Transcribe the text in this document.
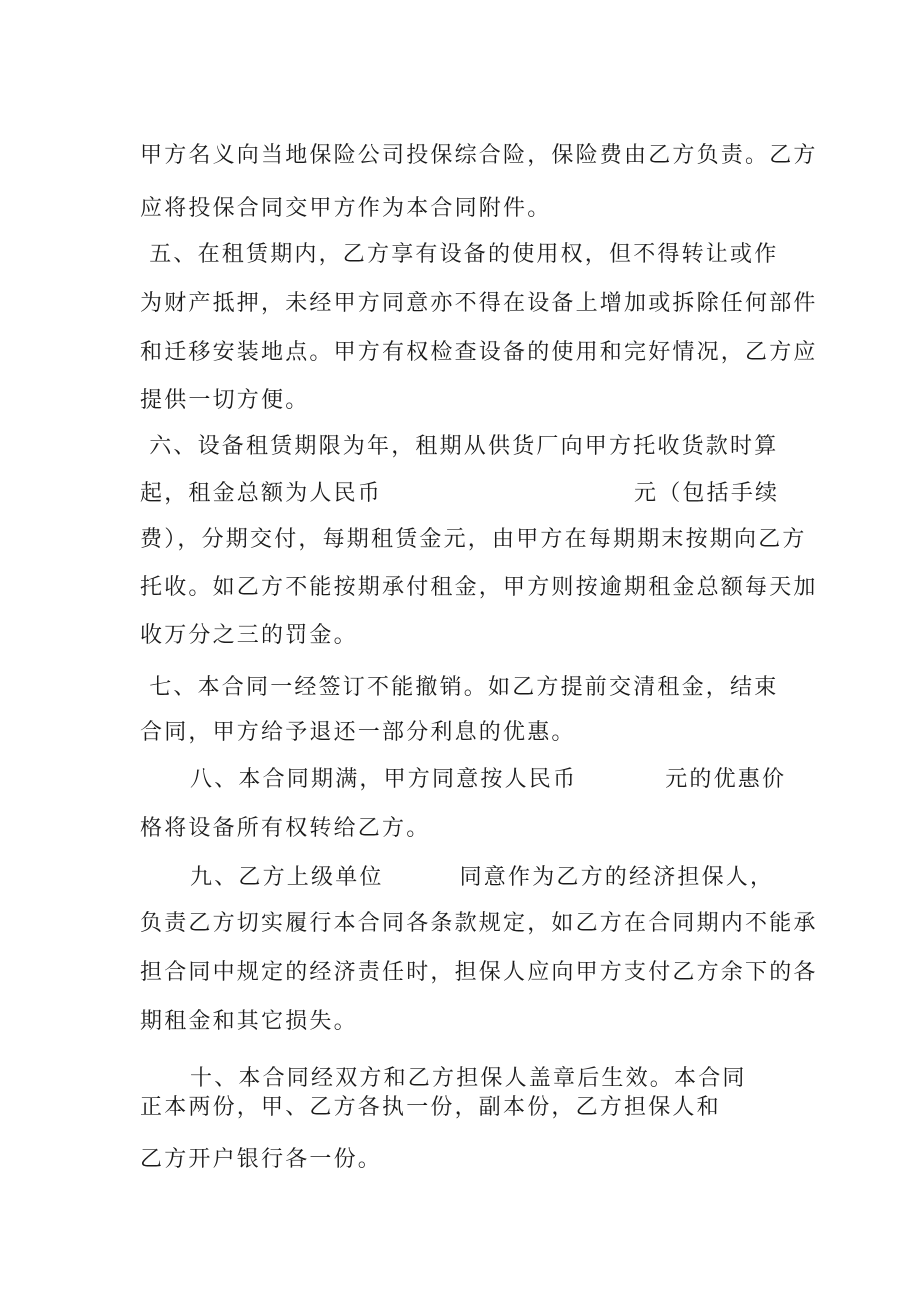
甲方名义向当地保险公司投保综合险，保险费由乙方负责。乙方

应将投保合同交甲方作为本合同附件。

五、在租赁期内，乙方享有设备的使用权，但不得转让或作

为财产抵押，未经甲方同意亦不得在设备上增加或拆除任何部件

和迁移安装地点。甲方有权检查设备的使用和完好情况，乙方应

提供一切方便。

六、设备租赁期限为年，租期从供货厂向甲方托收货款时算

起，租金总额为人民币	元（包括手续

费），分期交付，每期租赁金元，由甲方在每期期末按期向乙方

托收。如乙方不能按期承付租金，甲方则按逾期租金总额每天加

收万分之三的罚金。

七、本合同一经签订不能撤销。如乙方提前交清租金，结束

合同，甲方给予退还一部分利息的优惠。

八、本合同期满，甲方同意按人民币	元的优惠价

格将设备所有权转给乙方。

九、乙方上级单位	同意作为乙方的经济担保人，

负责乙方切实履行本合同各条款规定，如乙方在合同期内不能承

担合同中规定的经济责任时，担保人应向甲方支付乙方余下的各

期租金和其它损失。

十、本合同经双方和乙方担保人盖章后生效。本合同

正本两份，甲、乙方各执一份，副本份，乙方担保人和

乙方开户银行各一份。
